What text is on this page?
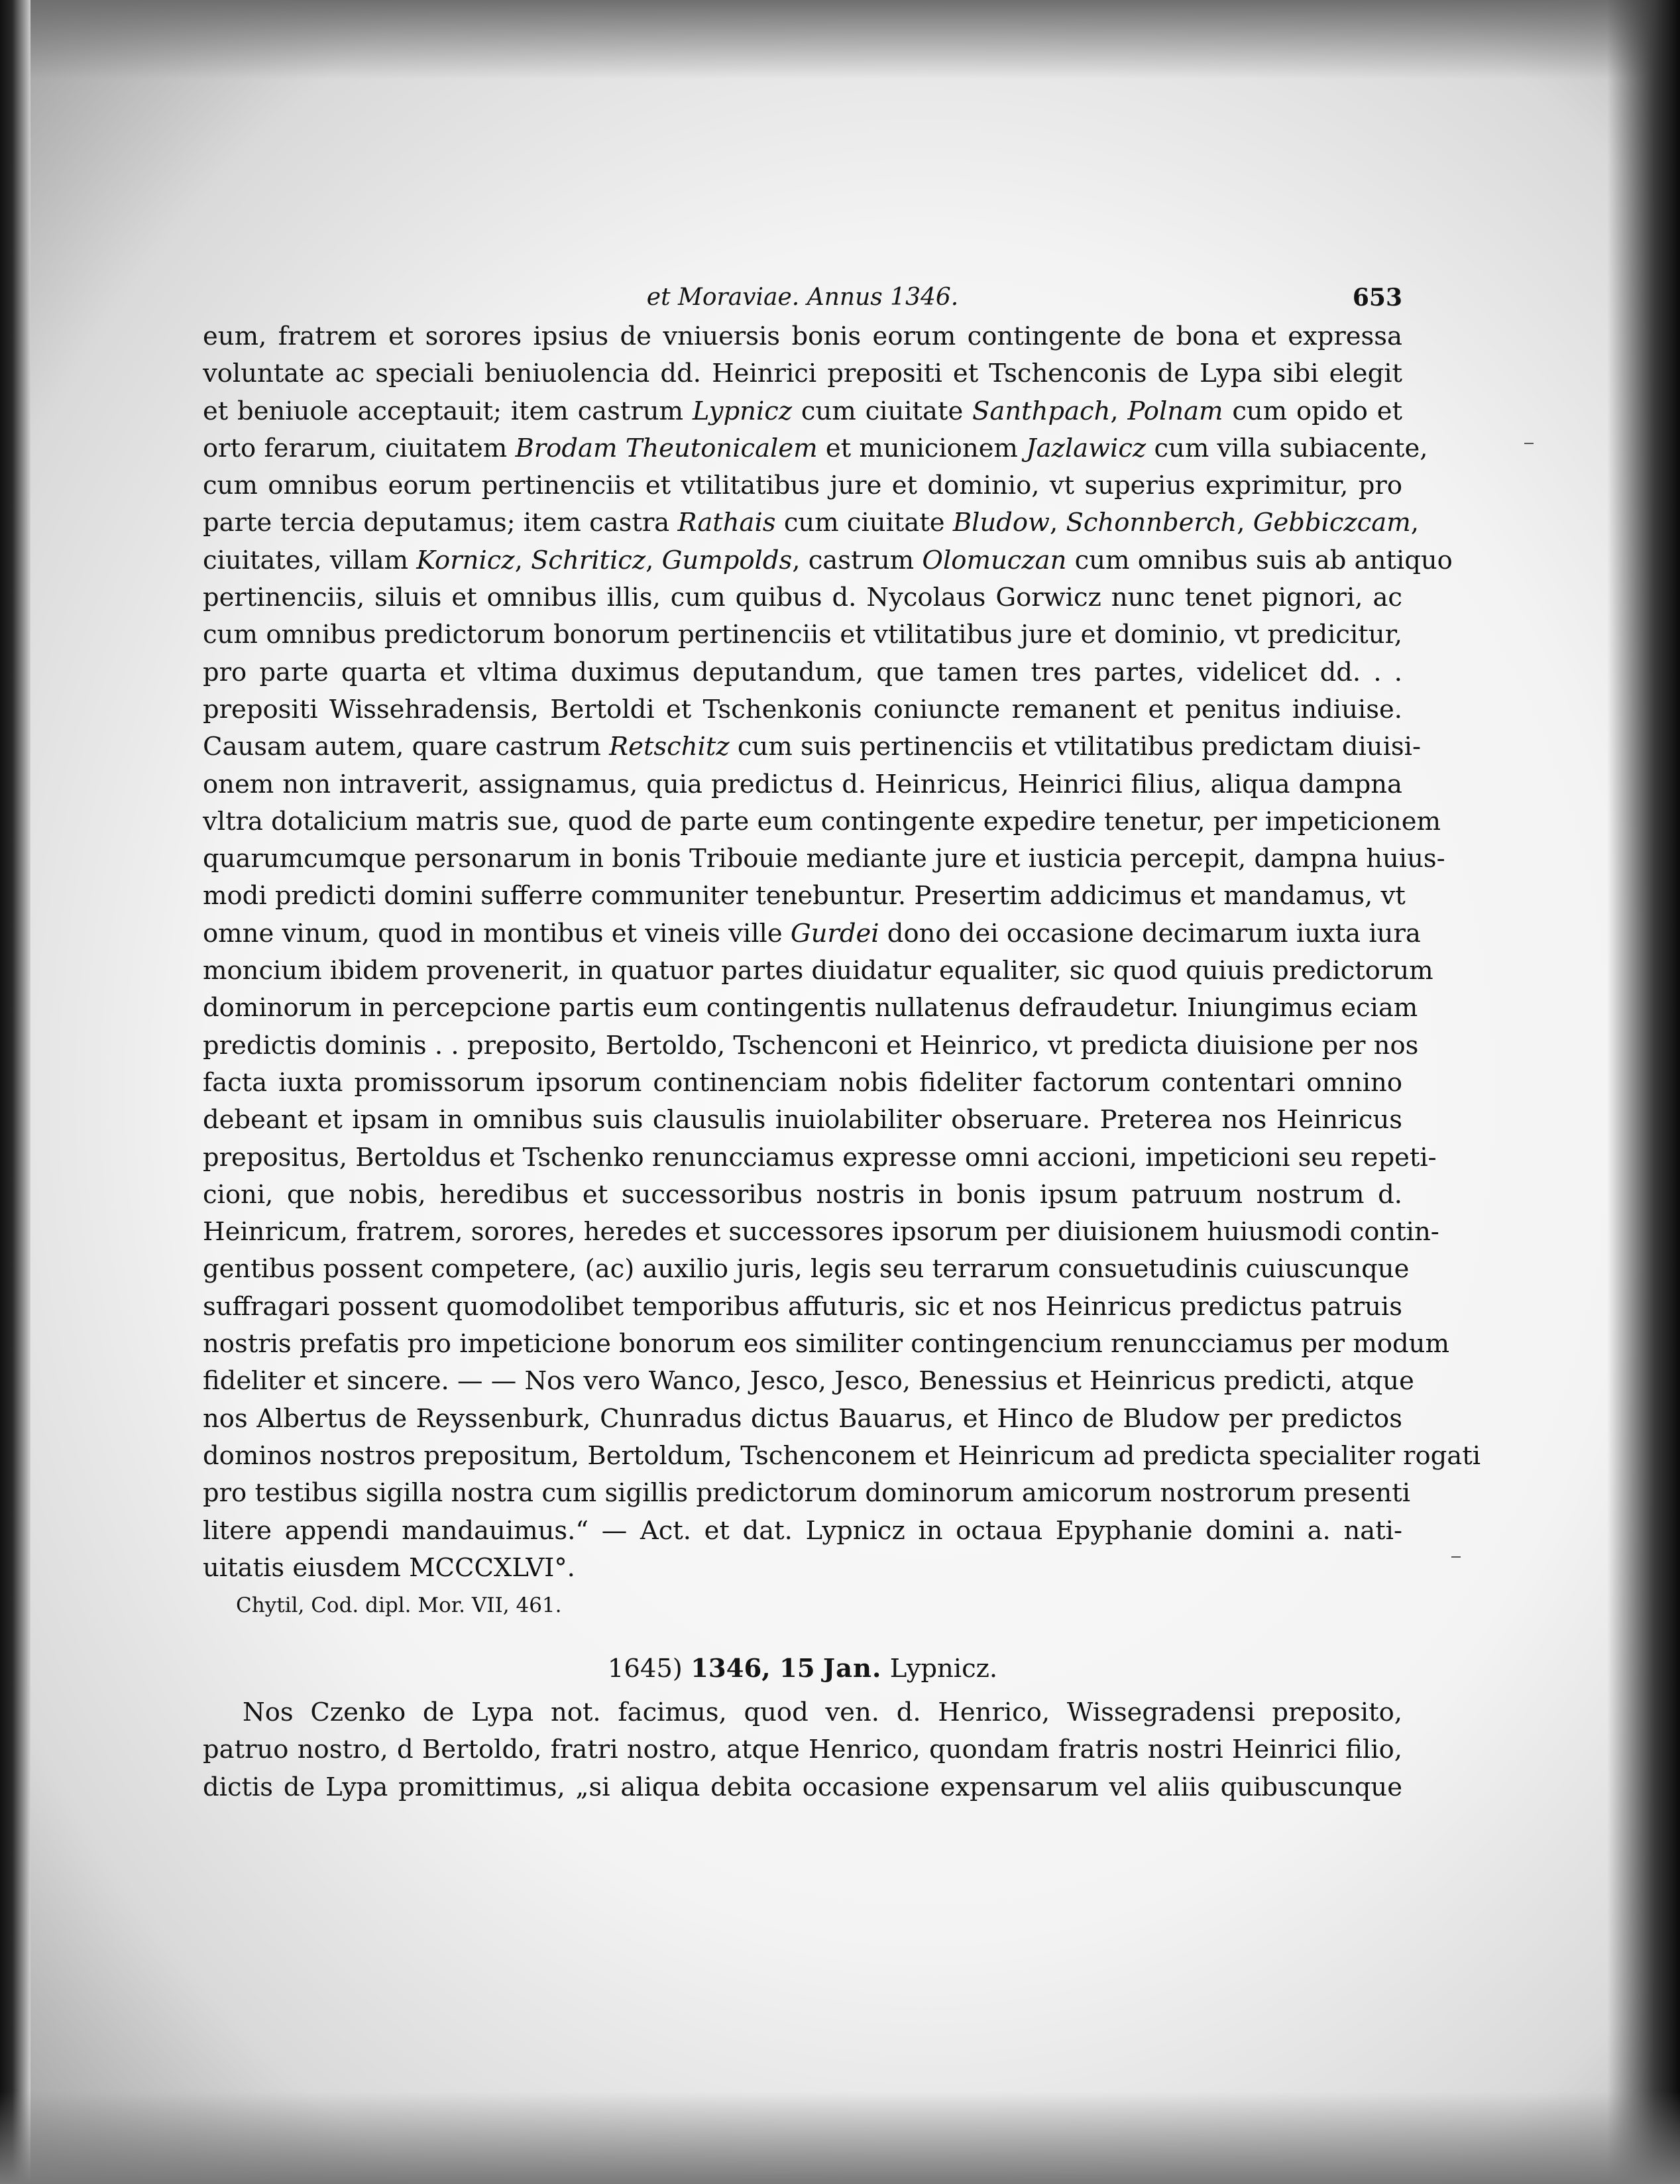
et Moraviae. Annus 1346.	653
eum, fratrem et sorores ipsius de vniuersis bonis eorum contingente de bona et expressa
voluntate ac speciali beniuolencia dd. Heinrici prepositi et Tschenconis de Lypa sibi elegit
et beniuole acceptauit; item castrum Lypnicz cum ciuitate Santhpach, Polnam cum opido et
orto ferarum, ciuitatem Brodam Theutonicalem et municionem Jazlawicz cum villa subiacente,
cum omnibus eorum pertinenciis et vtilitatibus jure et dominio, vt superius exprimitur, pro
parte tercia deputamus; item castra Rathais cum ciuitate Bludow, Schonnberch, Gebbiczcam,
ciuitates, villam Kornicz, Schriticz, Gumpolds, castrum Olomuczan cum omnibus suis ab antiquo
pertinenciis, siluis et omnibus illis, cum quibus d. Nycolaus Gorwicz nunc tenet pignori, ac
cum omnibus predictorum bonorum pertinenciis et vtilitatibus jure et dominio, vt predicitur,
pro parte quarta et vltima duximus deputandum, que tamen tres partes, videlicet dd. . .
prepositi Wissehradensis, Bertoldi et Tschenkonis coniuncte remanent et penitus indiuise.
Causam autem, quare castrum Retschitz cum suis pertinenciis et vtilitatibus predictam diuisi-
onem non intraverit, assignamus, quia predictus d. Heinricus, Heinrici filius, aliqua dampna
vltra dotalicium matris sue, quod de parte eum contingente expedire tenetur, per impeticionem
quarumcumque personarum in bonis Tribouie mediante jure et iusticia percepit, dampna huius-
modi predicti domini sufferre communiter tenebuntur. Presertim addicimus et mandamus, vt
omne vinum, quod in montibus et vineis ville Gurdei dono dei occasione decimarum iuxta iura
moncium ibidem provenerit, in quatuor partes diuidatur equaliter, sic quod quiuis predictorum
dominorum in percepcione partis eum contingentis nullatenus defraudetur. Iniungimus eciam
predictis dominis . . preposito, Bertoldo, Tschenconi et Heinrico, vt predicta diuisione per nos
facta iuxta promissorum ipsorum continenciam nobis fideliter factorum contentari omnino
debeant et ipsam in omnibus suis clausulis inuiolabiliter obseruare. Preterea nos Heinricus
prepositus, Bertoldus et Tschenko renuncciamus expresse omni accioni, impeticioni seu repeti-
cioni, que nobis, heredibus et successoribus nostris in bonis ipsum patruum nostrum d.
Heinricum, fratrem, sorores, heredes et successores ipsorum per diuisionem huiusmodi contin-
gentibus possent competere, (ac) auxilio juris, legis seu terrarum consuetudinis cuiuscunque
suffragari possent quomodolibet temporibus affuturis, sic et nos Heinricus predictus patruis
nostris prefatis pro impeticione bonorum eos similiter contingencium renuncciamus per modum
fideliter et sincere. — — Nos vero Wanco, Jesco, Jesco, Benessius et Heinricus predicti, atque
nos Albertus de Reyssenburk, Chunradus dictus Bauarus, et Hinco de Bludow per predictos
dominos nostros prepositum, Bertoldum, Tschenconem et Heinricum ad predicta specialiter rogati
pro testibus sigilla nostra cum sigillis predictorum dominorum amicorum nostrorum presenti
litere appendi mandauimus.“ — Act. et dat. Lypnicz in octaua Epyphanie domini a. nati-
uitatis eiusdem MCCCXLVI°.
Chytil, Cod. dipl. Mor. VII, 461.
1645) 1346, 15 Jan. Lypnicz.
Nos Czenko de Lypa not. facimus, quod ven. d. Henrico, Wissegradensi preposito,
patruo nostro, d Bertoldo, fratri nostro, atque Henrico, quondam fratris nostri Heinrici filio,
dictis de Lypa promittimus, „si aliqua debita occasione expensarum vel aliis quibuscunque
